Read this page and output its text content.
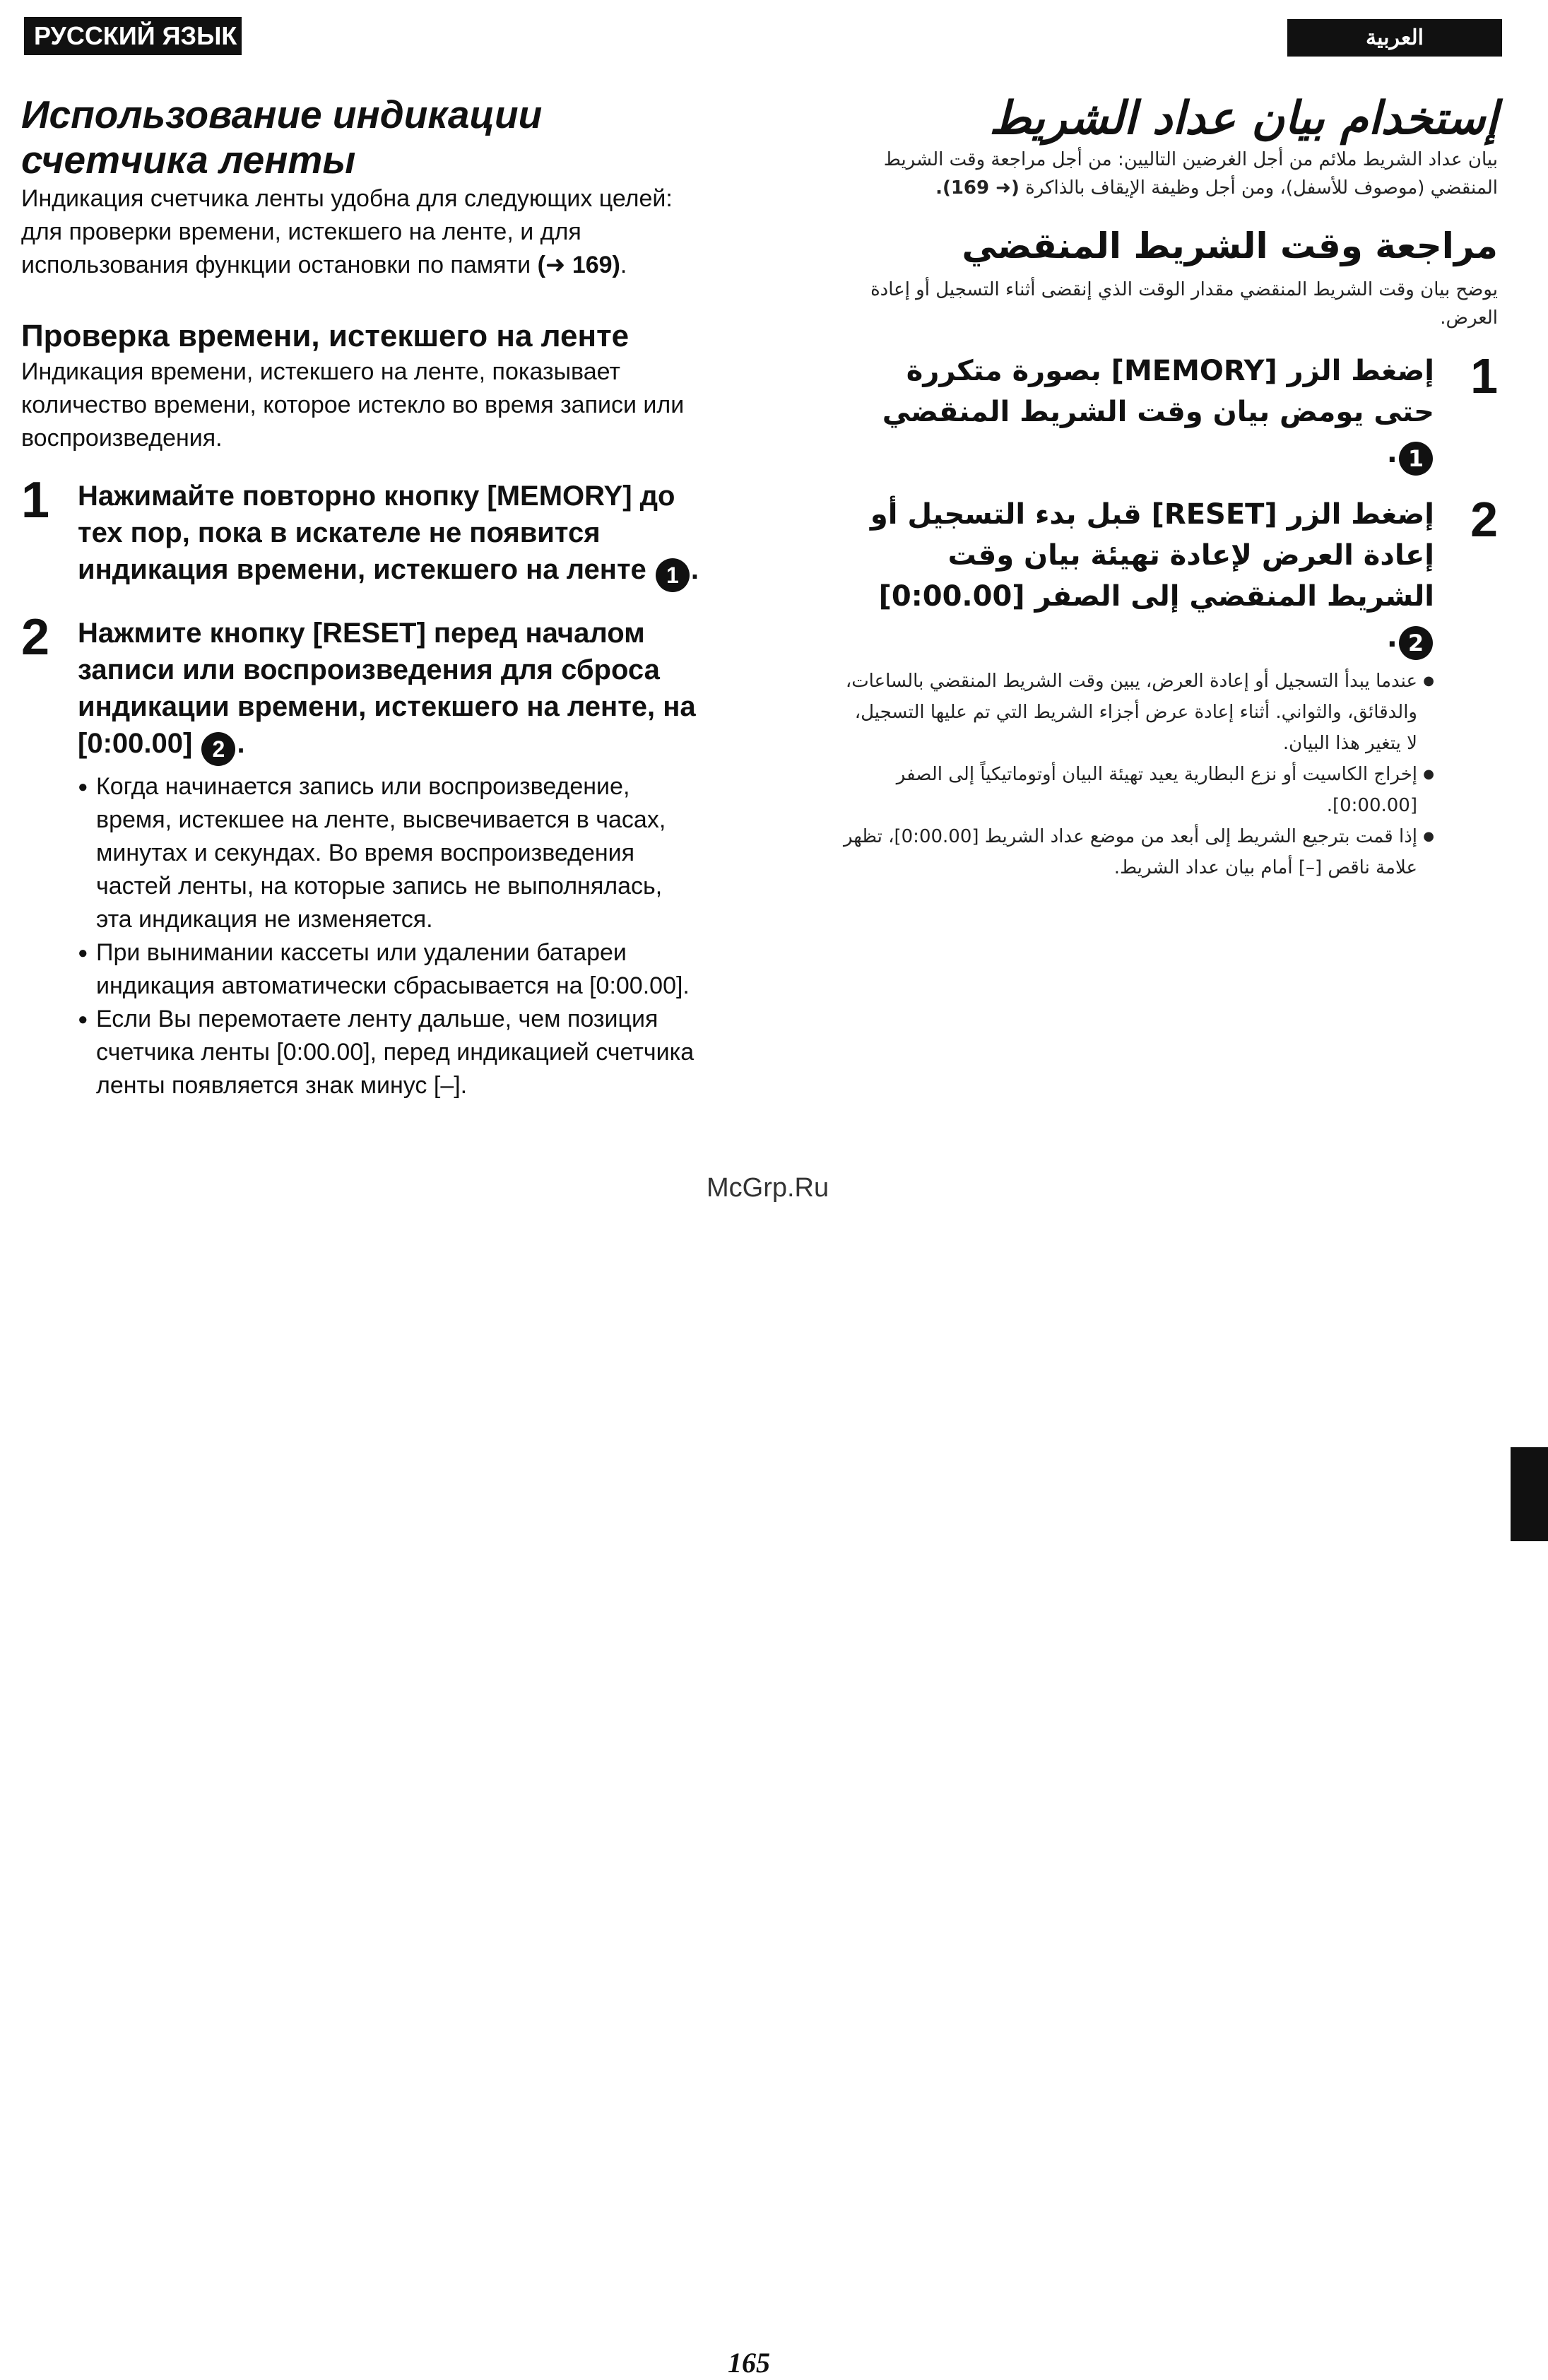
РУССКИЙ ЯЗЫК	العربية
Использование индикации счетчика ленты

Индикация счетчика ленты удобна для следующих целей: для проверки времени, истекшего на ленте, и для использования функции остановки по памяти (➜ 169).

Проверка времени, истекшего на ленте

Индикация времени, истекшего на ленте, показывает количество времени, которое истекло во время записи или воспроизведения.

1 Нажимайте повторно кнопку [MEMORY] до тех пор, пока в искателе не появится индикация времени, истекшего на ленте 1 .
2 Нажмите кнопку [RESET] перед началом записи или воспроизведения для сброса индикации времени, истекшего на ленте, на [0:00.00] 2 .
● Когда начинается запись или воспроизведение, время, истекшее на ленте, высвечивается в часах, минутах и секундах. Во время воспроизведения частей ленты, на которые запись не выполнялась, эта индикация не изменяется.
● При вынимании кассеты или удалении батареи индикация автоматически сбрасывается на [0:00.00].
● Если Вы перемотаете ленту дальше, чем позиция счетчика ленты [0:00.00], перед индикацией счетчика ленты появляется знак минус [–].
إستخدام بيان عداد الشريط

بيان عداد الشريط ملائم من أجل الغرضين التاليين: من أجل مراجعة وقت الشريط المنقضي (موصوف للأسفل)، ومن أجل وظيفة الإيقاف بالذاكرة (➜ 169).

مراجعة وقت الشريط المنقضي

يوضح بيان وقت الشريط المنقضي مقدار الوقت الذي إنقضى أثناء التسجيل أو إعادة العرض.

1
إضغط الزر [MEMORY] بصورة متكررة حتى يومض بيان وقت الشريط المنقضي 1.
2
إضغط الزر [RESET] قبل بدء التسجيل أو إعادة العرض لإعادة تهيئة بيان وقت الشريط المنقضي إلى الصفر [0:00.00] 2.
● عندما يبدأ التسجيل أو إعادة العرض، يبين وقت الشريط المنقضي بالساعات، والدقائق، والثواني. أثناء إعادة عرض أجزاء الشريط التي تم عليها التسجيل، لا يتغير هذا البيان.
● إخراج الكاسيت أو نزع البطارية يعيد تهيئة البيان أوتوماتيكياً إلى الصفر [0:00.00].
● إذا قمت بترجيع الشريط إلى أبعد من موضع عداد الشريط [0:00.00]، تظهر علامة ناقص [–] أمام بيان عداد الشريط.
McGrp.Ru
165
